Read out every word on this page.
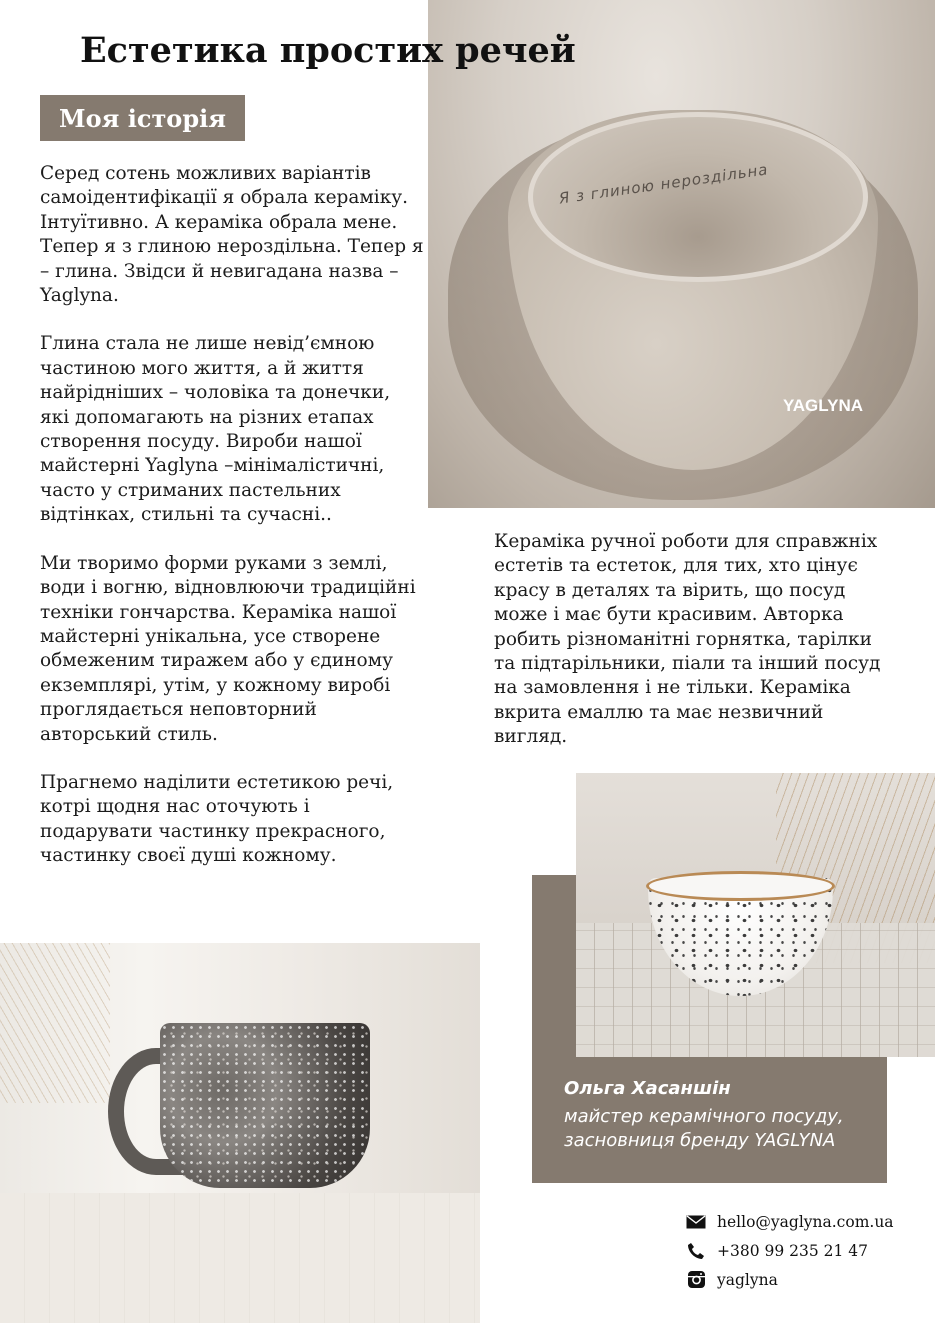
Я з глиною нероздільна
YAGLYNA
Естетика простих речей
Моя історія

Серед сотень можливих варіантів самоідентифікації я обрала кераміку. Інтуїтивно. А кераміка обрала мене. Тепер я з глиною нероздільна. Тепер я – глина. Звідси й невигадана назва – Yaglyna.

Глина стала не лише невід’ємною частиною мого життя, а й життя найрідніших – чоловіка та донечки, які допомагають на різних етапах створення посуду. Вироби нашої майстерні Yaglyna –мінімалістичні, часто у стриманих пастельних відтінках, стильні та сучасні..

Ми творимо форми руками з землі, води і вогню, відновлюючи традиційні техніки гончарства. Кераміка нашої майстерні унікальна, усе створене обмеженим тиражем або у єдиному екземплярі, утім, у кожному виробі проглядається неповторний авторський стиль.

Прагнемо наділити естетикою речі, котрі щодня нас оточують і подарувати частинку прекрасного, частинку своєї душі кожному.

Кераміка ручної роботи для справжніх естетів та естеток, для тих, хто цінує красу в деталях та вірить, що посуд може і має бути красивим. Авторка робить різноманітні горнятка, тарілки та підтарільники, піали та інший посуд на замовлення і не тільки. Кераміка вкрита емаллю та має незвичний вигляд.

Ольга Хасаншін

майстер керамічного посуду,

засновниця бренду YAGLYNA

hello@yaglyna.com.ua
+380 99 235 21 47
yaglyna
